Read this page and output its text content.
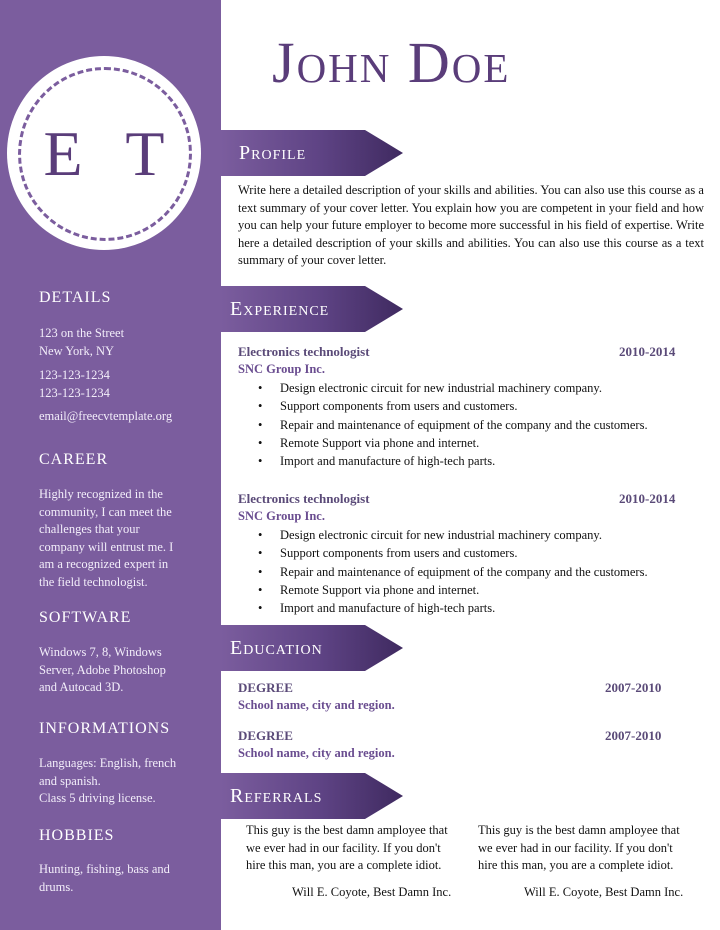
E T
DETAILS
123 on the Street
New York, NY
123-123-1234
123-123-1234
email@freecvtemplate.org
CAREER
Highly recognized in the
community, I can meet the
challenges that your
company will entrust me. I
am a recognized expert in
the field technologist.
SOFTWARE
Windows 7, 8, Windows
Server, Adobe Photoshop
and Autocad 3D.
INFORMATIONS
Languages: English, french
and spanish.
Class 5 driving license.
HOBBIES
Hunting, fishing, bass and
drums.
John Doe
Profile
Write here a detailed description of your skills and abilities. You can also use this course as a text summary of your cover letter. You explain how you are competent in your field and how you can help your future employer to become more successful in his field of expertise. Write here a detailed description of your skills and abilities. You can also use this course as a text summary of your cover letter.
Experience
Electronics technologist	2010-2014
SNC Group Inc.
• Design electronic circuit for new industrial machinery company.
• Support components from users and customers.
• Repair and maintenance of equipment of the company and the customers.
• Remote Support via phone and internet.
• Import and manufacture of high-tech parts.
Electronics technologist	2010-2014
SNC Group Inc.
• Design electronic circuit for new industrial machinery company.
• Support components from users and customers.
• Repair and maintenance of equipment of the company and the customers.
• Remote Support via phone and internet.
• Import and manufacture of high-tech parts.
Education
DEGREE	2007-2010
School name, city and region.
DEGREE	2007-2010
School name, city and region.
Referrals
This guy is the best damn amployee that
we ever had in our facility. If you don't
hire this man, you are a complete idiot.
Will E. Coyote, Best Damn Inc.
This guy is the best damn amployee that
we ever had in our facility. If you don't
hire this man, you are a complete idiot.
Will E. Coyote, Best Damn Inc.
